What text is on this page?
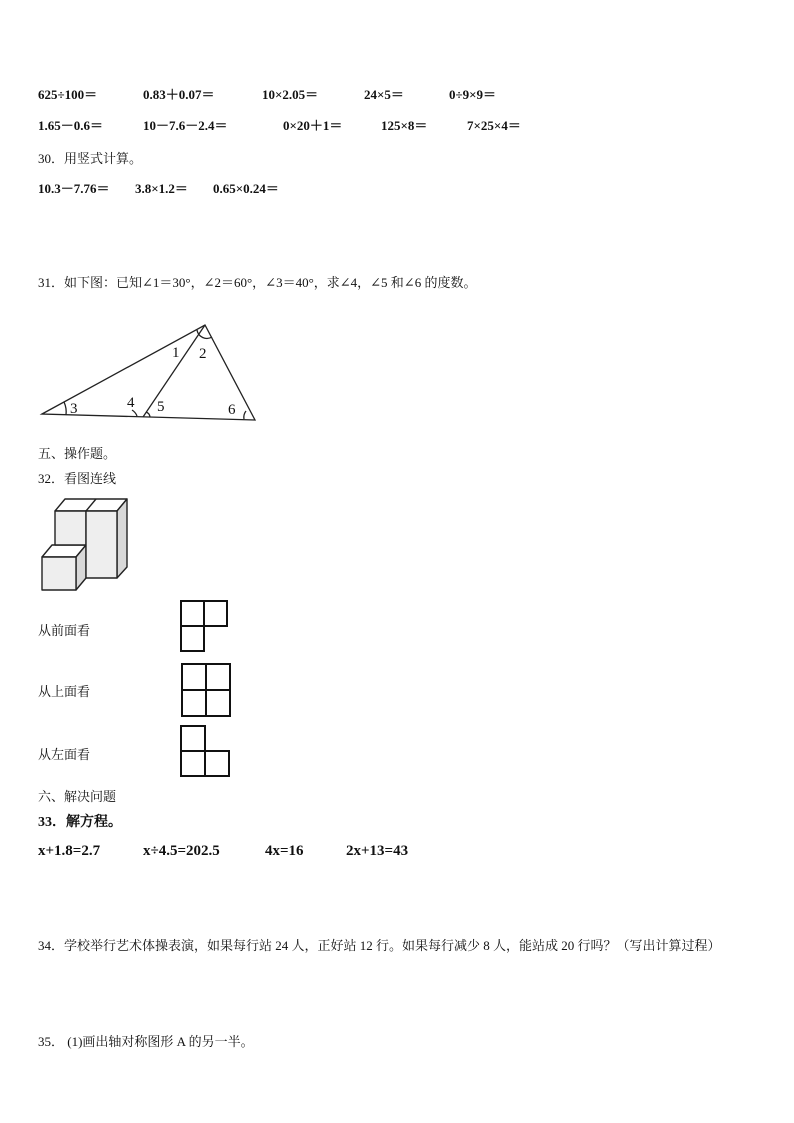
625÷100＝	0.83＋0.07＝	10×2.05＝	24×5＝	0÷9×9＝
1.65－0.6＝	10－7.6－2.4＝	0×20＋1＝	125×8＝	7×25×4＝
30．用竖式计算。
10.3－7.76＝ 3.8×1.2＝ 0.65×0.24＝
31．如下图：已知∠1＝30°，∠2＝60°，∠3＝40°，求∠4，∠5 和∠6 的度数。
1 2
3	4 5	6
五、操作题。
32．看图连线
从前面看
从上面看
从左面看
六、解决问题
33．解方程。
x+1.8=2.7	x÷4.5=202.5	4x=16	2x+13=43
34．学校举行艺术体操表演，如果每行站 24 人，正好站 12 行。如果每行减少 8 人，能站成 20 行吗？（写出计算过程）
35． (1)画出轴对称图形 A 的另一半。
